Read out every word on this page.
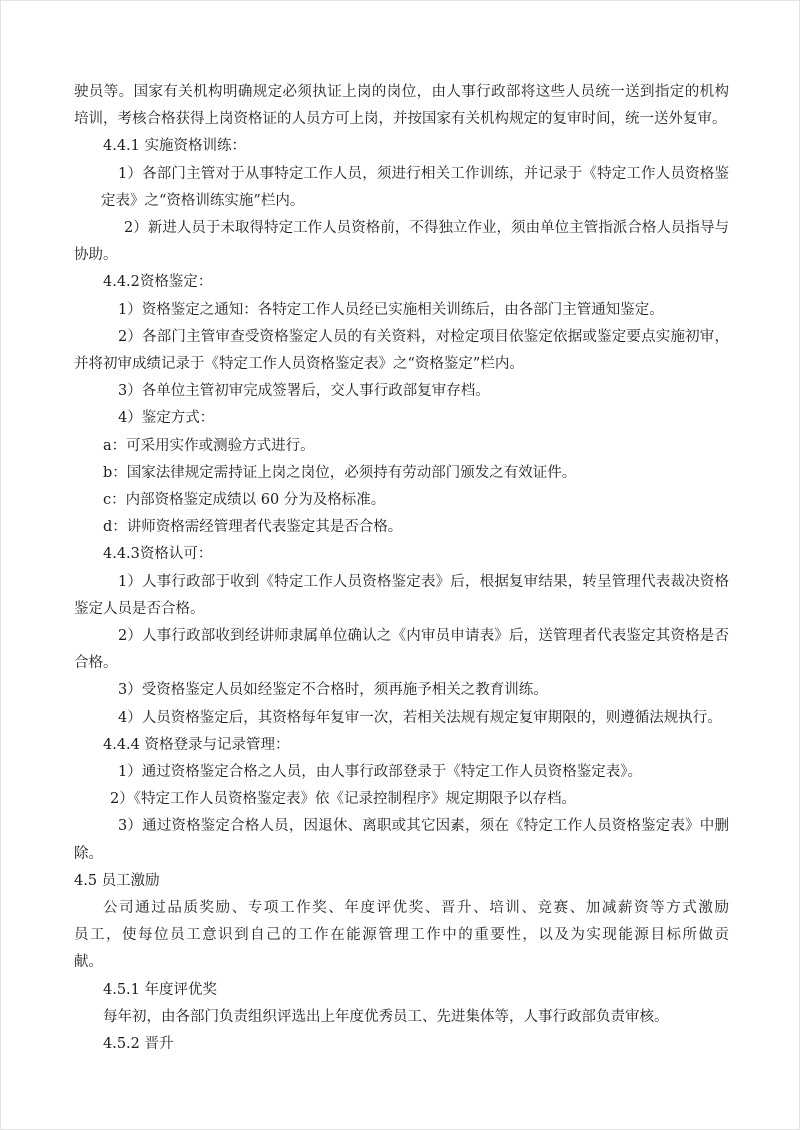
驶员等。国家有关机构明确规定必须执证上岗的岗位，由人事行政部将这些人员统一送到指定的机构
培训，考核合格获得上岗资格证的人员方可上岗，并按国家有关机构规定的复审时间，统一送外复审。
4.4.1 实施资格训练：
1）各部门主管对于从事特定工作人员，须进行相关工作训练，并记录于《特定工作人员资格鉴
定表》之“资格训练实施”栏内。
2）新进人员于未取得特定工作人员资格前，不得独立作业，须由单位主管指派合格人员指导与
协助。
4.4.2资格鉴定：
1）资格鉴定之通知：各特定工作人员经已实施相关训练后，由各部门主管通知鉴定。
2）各部门主管审查受资格鉴定人员的有关资料，对检定项目依鉴定依据或鉴定要点实施初审，
并将初审成绩记录于《特定工作人员资格鉴定表》之“资格鉴定”栏内。
3）各单位主管初审完成签署后，交人事行政部复审存档。
4）鉴定方式：
a：可采用实作或测验方式进行。
b：国家法律规定需持证上岗之岗位，必须持有劳动部门颁发之有效证件。
c：内部资格鉴定成绩以 60 分为及格标准。
d：讲师资格需经管理者代表鉴定其是否合格。
4.4.3资格认可：
1）人事行政部于收到《特定工作人员资格鉴定表》后，根据复审结果，转呈管理代表裁决资格
鉴定人员是否合格。
2）人事行政部收到经讲师隶属单位确认之《内审员申请表》后，送管理者代表鉴定其资格是否
合格。
3）受资格鉴定人员如经鉴定不合格时，须再施予相关之教育训练。
4）人员资格鉴定后，其资格每年复审一次，若相关法规有规定复审期限的，则遵循法规执行。
4.4.4 资格登录与记录管理：
1）通过资格鉴定合格之人员，由人事行政部登录于《特定工作人员资格鉴定表》。
2）《特定工作人员资格鉴定表》依《记录控制程序》规定期限予以存档。
3）通过资格鉴定合格人员，因退休、离职或其它因素，须在《特定工作人员资格鉴定表》中删
除。
4.5 员工激励
公司通过品质奖励、专项工作奖、年度评优奖、晋升、培训、竞赛、加减薪资等方式激励
员工，使每位员工意识到自己的工作在能源管理工作中的重要性，以及为实现能源目标所做贡
献。
4.5.1 年度评优奖
每年初，由各部门负责组织评选出上年度优秀员工、先进集体等，人事行政部负责审核。
4.5.2 晋升
